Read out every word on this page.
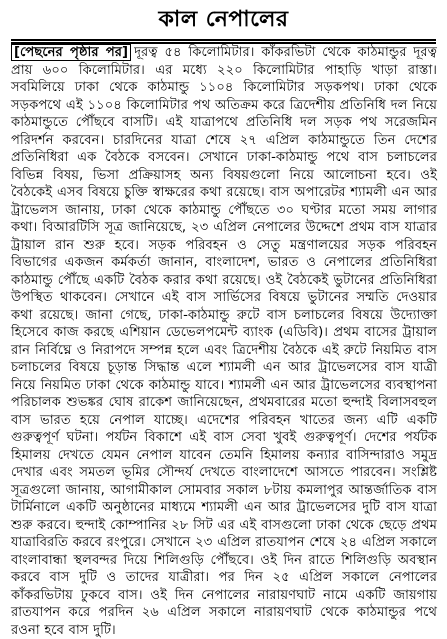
কাল নেপালের

[পেছনের পৃষ্ঠার পর] দূরত্ব ৫৪ কিলোমিটার। কাঁকরভিটা থেকে কাঠমান্ডুর দূরত্ব প্রায় ৬০০ কিলোমিটার। এর মধ্যে ২২০ কিলোমিটার পাহাড়ি খাড়া রাস্তা। সবমিলিয়ে ঢাকা থেকে কাঠমান্ডু ১১০৪ কিলোমিটার সড়কপথ। ঢাকা থেকে সড়কপথে এই ১১০৪ কিলোমিটার পথ অতিক্রম করে ত্রিদেশীয় প্রতিনিধি দল নিয়ে কাঠমান্ডুতে পৌঁছবে বাসটি। এই যাত্রাপথে প্রতিনিধি দল সড়ক পথ সরেজমিন পরিদর্শন করবেন। চারদিনের যাত্রা শেষে ২৭ এপ্রিল কাঠমান্ডুতে তিন দেশের প্রতিনিধিরা এক বৈঠকে বসবেন। সেখানে ঢাকা-কাঠমান্ডু পথে বাস চলাচলের বিভিন্ন বিষয়, ভিসা প্রক্রিয়াসহ অন্য বিষয়গুলো নিয়ে আলোচনা হবে। ওই বৈঠকেই এসব বিষয়ে চুক্তি স্বাক্ষরের কথা রয়েছে। বাস অপারেটর শ্যামলী এন আর ট্রাভেলস জানায়, ঢাকা থেকে কাঠমান্ডু পৌঁছতে ৩০ ঘণ্টার মতো সময় লাগার কথা। বিআরটিসি সূত্র জানিয়েছে, ২৩ এপ্রিল নেপালের উদ্দেশে প্রথম বাস যাত্রার ট্রায়াল রান শুরু হবে। সড়ক পরিবহন ও সেতু মন্ত্রণালয়ের সড়ক পরিবহন বিভাগের একজন কর্মকর্তা জানান, বাংলাদেশ, ভারত ও নেপালের প্রতিনিধিরা কাঠমান্ডু পৌঁছে একটি বৈঠক করার কথা রয়েছে। ওই বৈঠকেই ভুটানের প্রতিনিধিরা উপস্থিত থাকবেন। সেখানে এই বাস সার্ভিসের বিষয়ে ভুটানের সম্মতি দেওয়ার কথা রয়েছে। জানা গেছে, ঢাকা-কাঠমান্ডু রুটে বাস চলাচলের বিষয়ে উদ্যোক্তা হিসেবে কাজ করছে এশিয়ান ডেভেলপমেন্ট ব্যাংক (এডিবি)। প্রথম বাসের ট্রায়াল রান নির্বিঘ্নে ও নিরাপদে সম্পন্ন হলে এবং ত্রিদেশীয় বৈঠকে এই রুটে নিয়মিত বাস চলাচলের বিষয়ে চূড়ান্ত সিদ্ধান্ত এলে শ্যামলী এন আর ট্রাভেলসের বাস যাত্রী নিয়ে নিয়মিত ঢাকা থেকে কাঠমান্ডু যাবে। শ্যামলী এন আর ট্রাভেলসের ব্যবস্থাপনা পরিচালক শুভঙ্কর ঘোষ রাকেশ জানিয়েছেন, প্রথমবারের মতো হুন্দাই বিলাসবহুল বাস ভারত হয়ে নেপাল যাচ্ছে। এদেশের পরিবহন খাতের জন্য এটি একটি গুরুত্বপূর্ণ ঘটনা। পর্যটন বিকাশে এই বাস সেবা খুবই গুরুত্বপূর্ণ। দেশের পর্যটক হিমালয় দেখতে যেমন নেপাল যাবেন তেমনি হিমালয় কন্যার বাসিন্দারাও সমুদ্র দেখার এবং সমতল ভূমির সৌন্দর্য দেখতে বাংলাদেশে আসতে পারবেন। সংশ্লিষ্ট সূত্রগুলো জানায়, আগামীকাল সোমবার সকাল ৮টায় কমলাপুর আন্তর্জাতিক বাস টার্মিনালে একটি অনুষ্ঠানের মাধ্যমে শ্যামলী এন আর ট্রাভেলসের দুটি বাস যাত্রা শুরু করবে। হুন্দাই কোম্পানির ২৮ সিট এর এই বাসগুলো ঢাকা থেকে ছেড়ে প্রথম যাত্রাবিরতি করবে রংপুরে। সেখানে ২৩ এপ্রিল রাতযাপন শেষে ২৪ এপ্রিল সকালে বাংলাবান্ধা স্থলবন্দর দিয়ে শিলিগুড়ি পৌঁছবে। ওই দিন রাতে শিলিগুড়ি অবস্থান করবে বাস দুটি ও তাদের যাত্রীরা। পর দিন ২৫ এপ্রিল সকালে নেপালের কাঁকরভিটায় ঢুকবে বাস। ওই দিন নেপালের নারায়ণঘাট নামে একটি জায়গায় রাতযাপন করে পরদিন ২৬ এপ্রিল সকালে নারায়ণঘাট থেকে কাঠমান্ডুর পথে রওনা হবে বাস দুটি।
